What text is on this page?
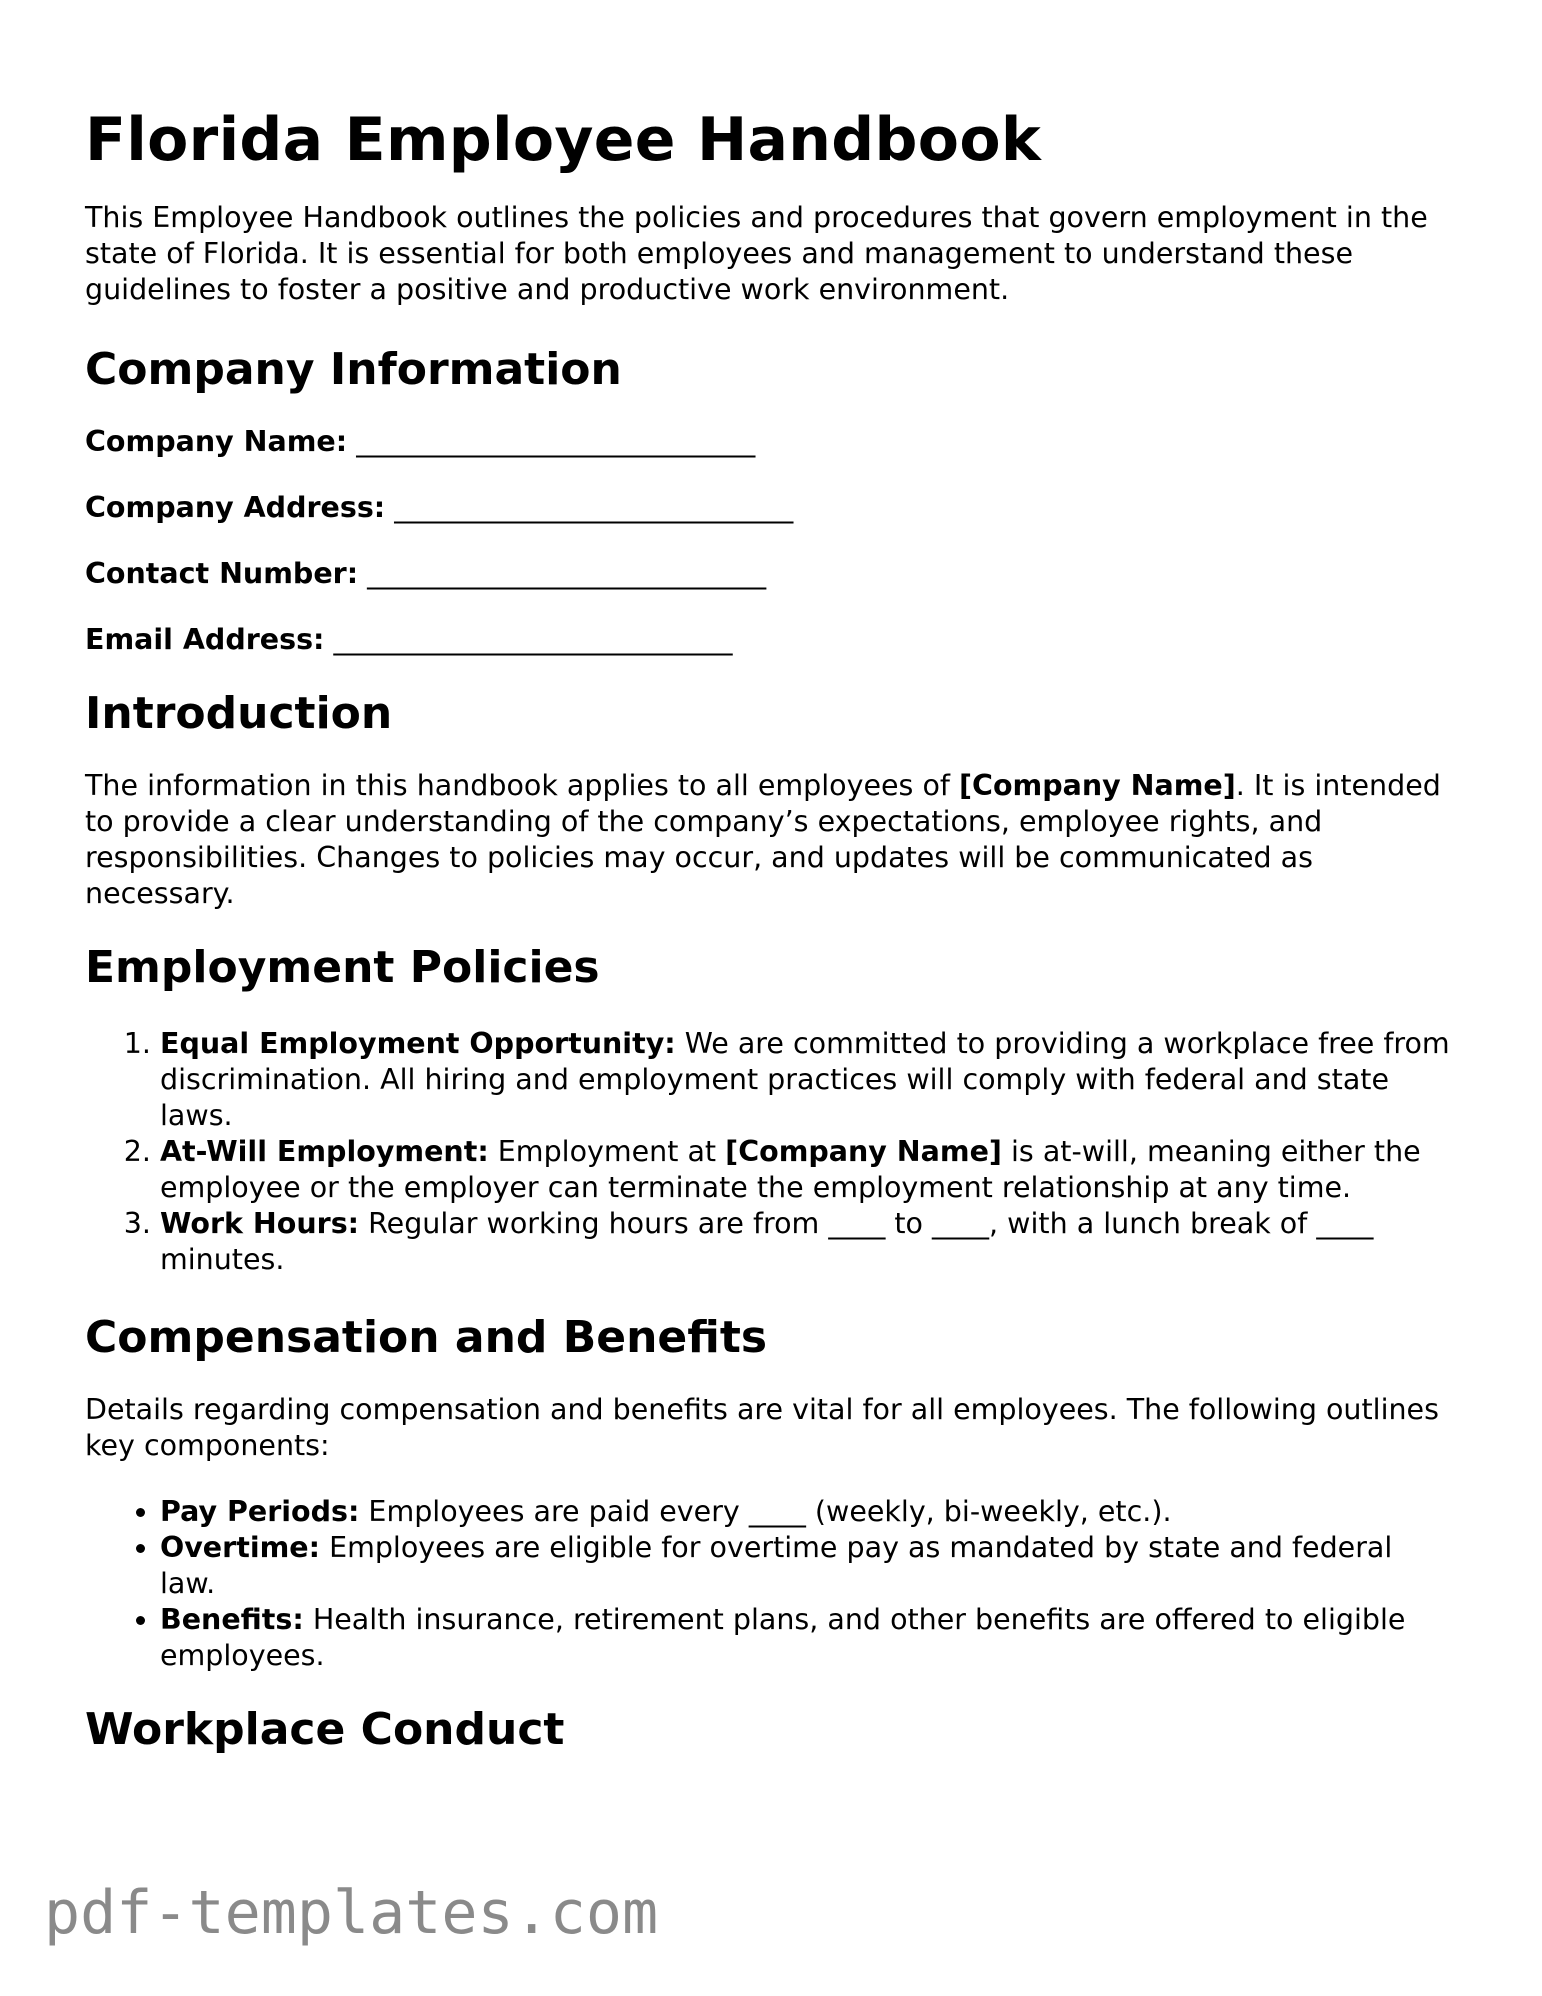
Florida Employee Handbook

This Employee Handbook outlines the policies and procedures that govern employment in the state of Florida. It is essential for both employees and management to understand these guidelines to foster a positive and productive work environment.

Company Information

Company Name: ____________________________

Company Address: ____________________________

Contact Number: ____________________________

Email Address: ____________________________

Introduction

The information in this handbook applies to all employees of [Company Name]. It is intended to provide a clear understanding of the company’s expectations, employee rights, and responsibilities. Changes to policies may occur, and updates will be communicated as necessary.

Employment Policies
1. Equal Employment Opportunity: We are committed to providing a workplace free from discrimination. All hiring and employment practices will comply with federal and state laws.
2. At-Will Employment: Employment at [Company Name] is at-will, meaning either the employee or the employer can terminate the employment relationship at any time.
3. Work Hours: Regular working hours are from ____ to ____, with a lunch break of ____ minutes.
Compensation and Benefits

Details regarding compensation and benefits are vital for all employees. The following outlines key components:

• Pay Periods: Employees are paid every ____ (weekly, bi-weekly, etc.).
• Overtime: Employees are eligible for overtime pay as mandated by state and federal law.
• Benefits: Health insurance, retirement plans, and other benefits are offered to eligible employees.
Workplace Conduct
pdf-templates.com
